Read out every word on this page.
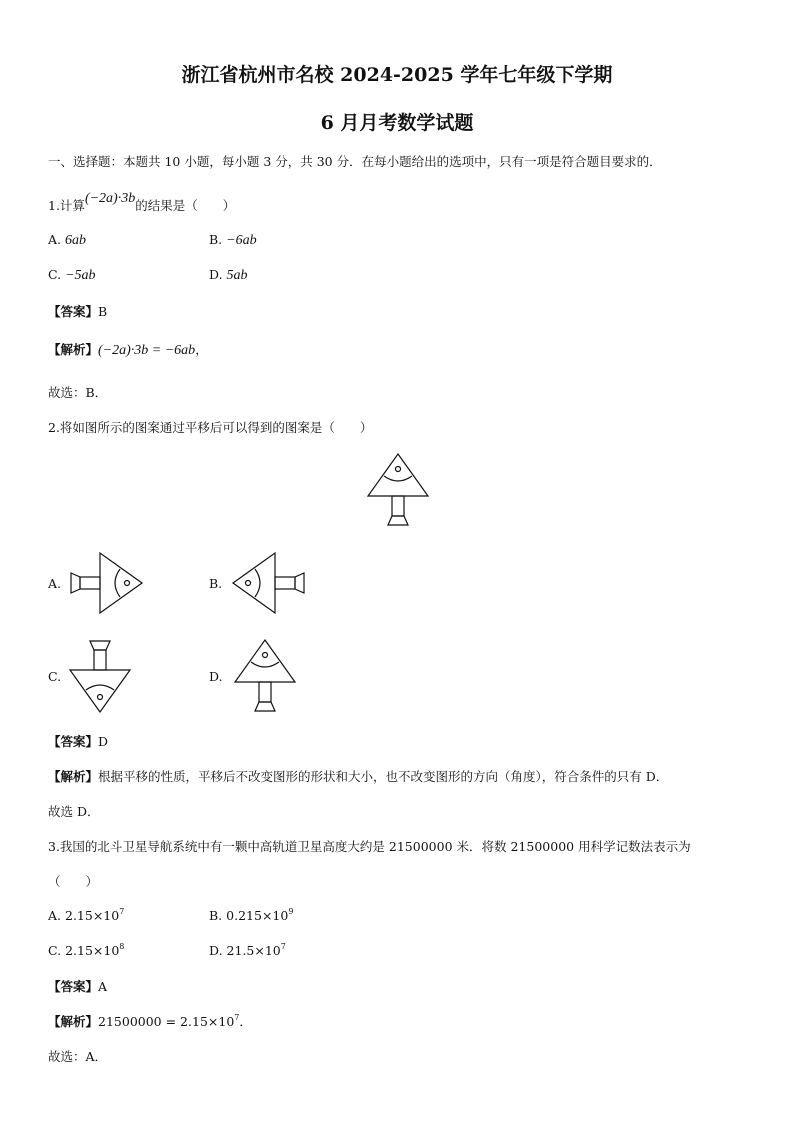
浙江省杭州市名校 2024-2025 学年七年级下学期
6 月月考数学试题
一、选择题：本题共 10 小题，每小题 3 分，共 30 分．在每小题给出的选项中，只有一项是符合题目要求的．
1.计算(−2a)·3b的结果是（　　）
A. 6ab	B. −6ab
C. −5ab	D. 5ab
【答案】B
【解析】(−2a)·3b = −6ab，
故选：B．
2.将如图所示的图案通过平移后可以得到的图案是（　　）
A.	B.
C.	D.
【答案】D
【解析】根据平移的性质，平移后不改变图形的形状和大小，也不改变图形的方向（角度），符合条件的只有 D．
故选 D．
3.我国的北斗卫星导航系统中有一颗中高轨道卫星高度大约是 21500000 米．将数 21500000 用科学记数法表示为
（　　）
A. $2.15\times 10^7$	B. $0.215\times 10^9$
C. $2.15\times 10^8$	D. $21.5\times 10^7$
【答案】A
【解析】$21500000 = 2.15\times 10^7$．
故选：A．
